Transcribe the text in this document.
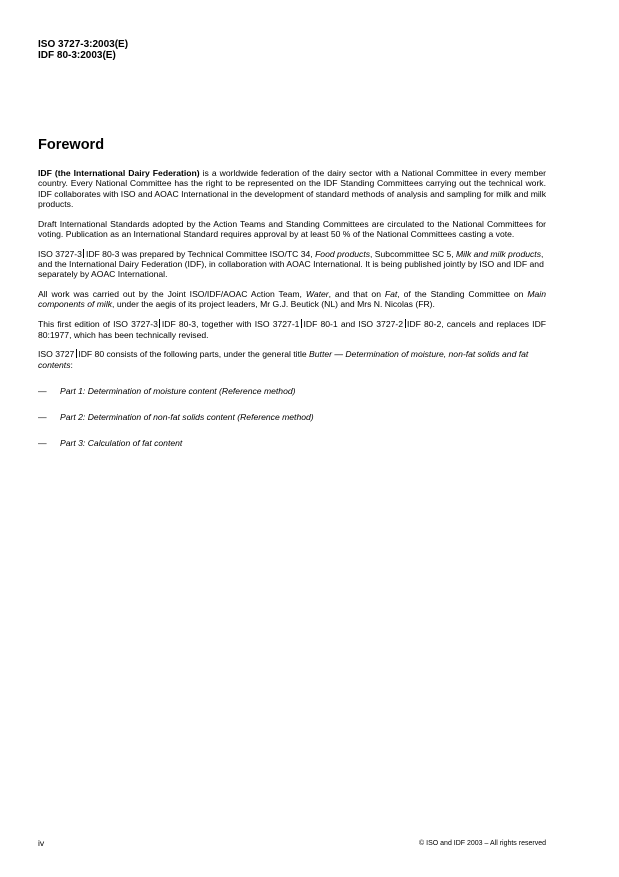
ISO 3727-3:2003(E)
IDF 80-3:2003(E)
Foreword

IDF (the International Dairy Federation) is a worldwide federation of the dairy sector with a National Committee in every member country. Every National Committee has the right to be represented on the IDF Standing Committees carrying out the technical work. IDF collaborates with ISO and AOAC International in the development of standard methods of analysis and sampling for milk and milk products.

Draft International Standards adopted by the Action Teams and Standing Committees are circulated to the National Committees for voting. Publication as an International Standard requires approval by at least 50 % of the National Committees casting a vote.

ISO 3727-3 IDF 80-3 was prepared by Technical Committee ISO/TC 34, Food products, Subcommittee SC 5, Milk and milk products, and the International Dairy Federation (IDF), in collaboration with AOAC International. It is being published jointly by ISO and IDF and separately by AOAC International.

All work was carried out by the Joint ISO/IDF/AOAC Action Team, Water, and that on Fat, of the Standing Committee on Main components of milk, under the aegis of its project leaders, Mr G.J. Beutick (NL) and Mrs N. Nicolas (FR).

This first edition of ISO 3727-3 IDF 80-3, together with ISO 3727-1 IDF 80-1 and ISO 3727-2 IDF 80-2, cancels and replaces IDF 80:1977, which has been technically revised.

ISO 3727 IDF 80 consists of the following parts, under the general title Butter — Determination of moisture, non-fat solids and fat contents:

—	Part 1: Determination of moisture content (Reference method)
—	Part 2: Determination of non-fat solids content (Reference method)
—	Part 3: Calculation of fat content
iv	© ISO and IDF 2003 – All rights reserved
